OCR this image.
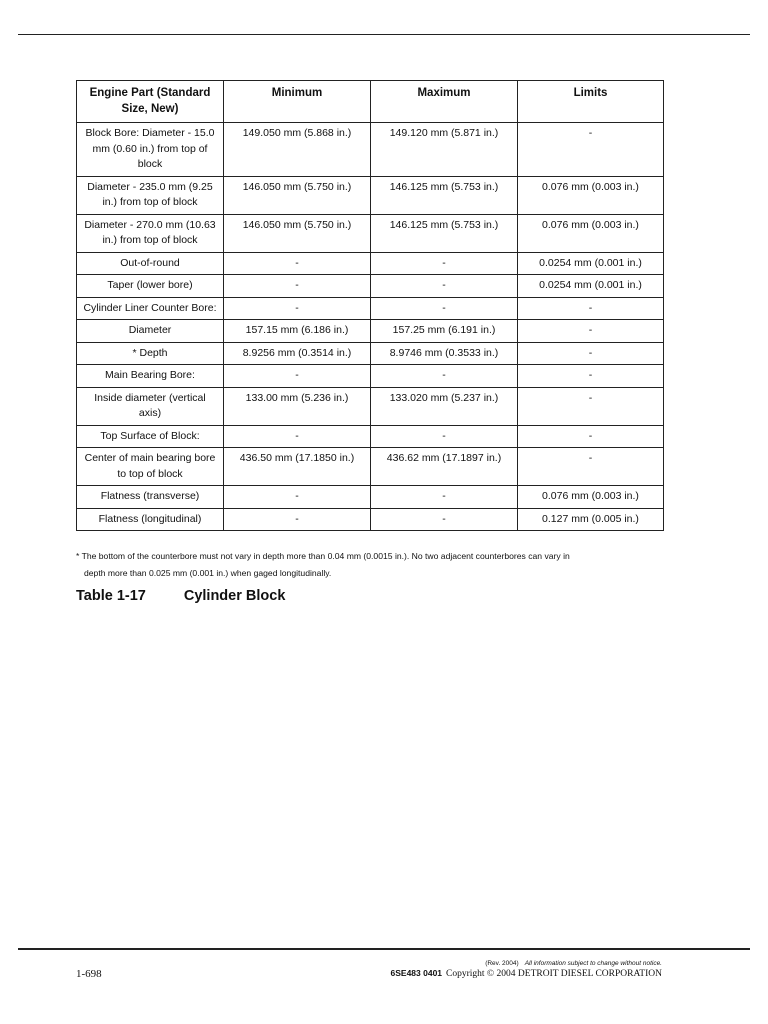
Engine Part (Standard Size, New)	Minimum	Maximum	Limits
Block Bore: Diameter - 15.0 mm (0.60 in.) from top of block	149.050 mm (5.868 in.)	149.120 mm (5.871 in.)	-
Diameter - 235.0 mm (9.25 in.) from top of block	146.050 mm (5.750 in.)	146.125 mm (5.753 in.)	0.076 mm (0.003 in.)
Diameter - 270.0 mm (10.63 in.) from top of block	146.050 mm (5.750 in.)	146.125 mm (5.753 in.)	0.076 mm (0.003 in.)
Out-of-round	-	-	0.0254 mm (0.001 in.)
Taper (lower bore)	-	-	0.0254 mm (0.001 in.)
Cylinder Liner Counter Bore:	-	-	-
Diameter	157.15 mm (6.186 in.)	157.25 mm (6.191 in.)	-
* Depth	8.9256 mm (0.3514 in.)	8.9746 mm (0.3533 in.)	-
Main Bearing Bore:	-	-	-
Inside diameter (vertical axis)	133.00 mm (5.236 in.)	133.020 mm (5.237 in.)	-
Top Surface of Block:	-	-	-
Center of main bearing bore to top of block	436.50 mm (17.1850 in.)	436.62 mm (17.1897 in.)	-
Flatness (transverse)	-	-	0.076 mm (0.003 in.)
Flatness (longitudinal)	-	-	0.127 mm (0.005 in.)
* The bottom of the counterbore must not vary in depth more than 0.04 mm (0.0015 in.). No two adjacent counterbores can vary in
depth more than 0.025 mm (0.001 in.) when gaged longitudinally.
Table 1-17	Cylinder Block
(Rev. 2004) All information subject to change without notice.
1-698	6SE483 0401 Copyright © 2004 DETROIT DIESEL CORPORATION
